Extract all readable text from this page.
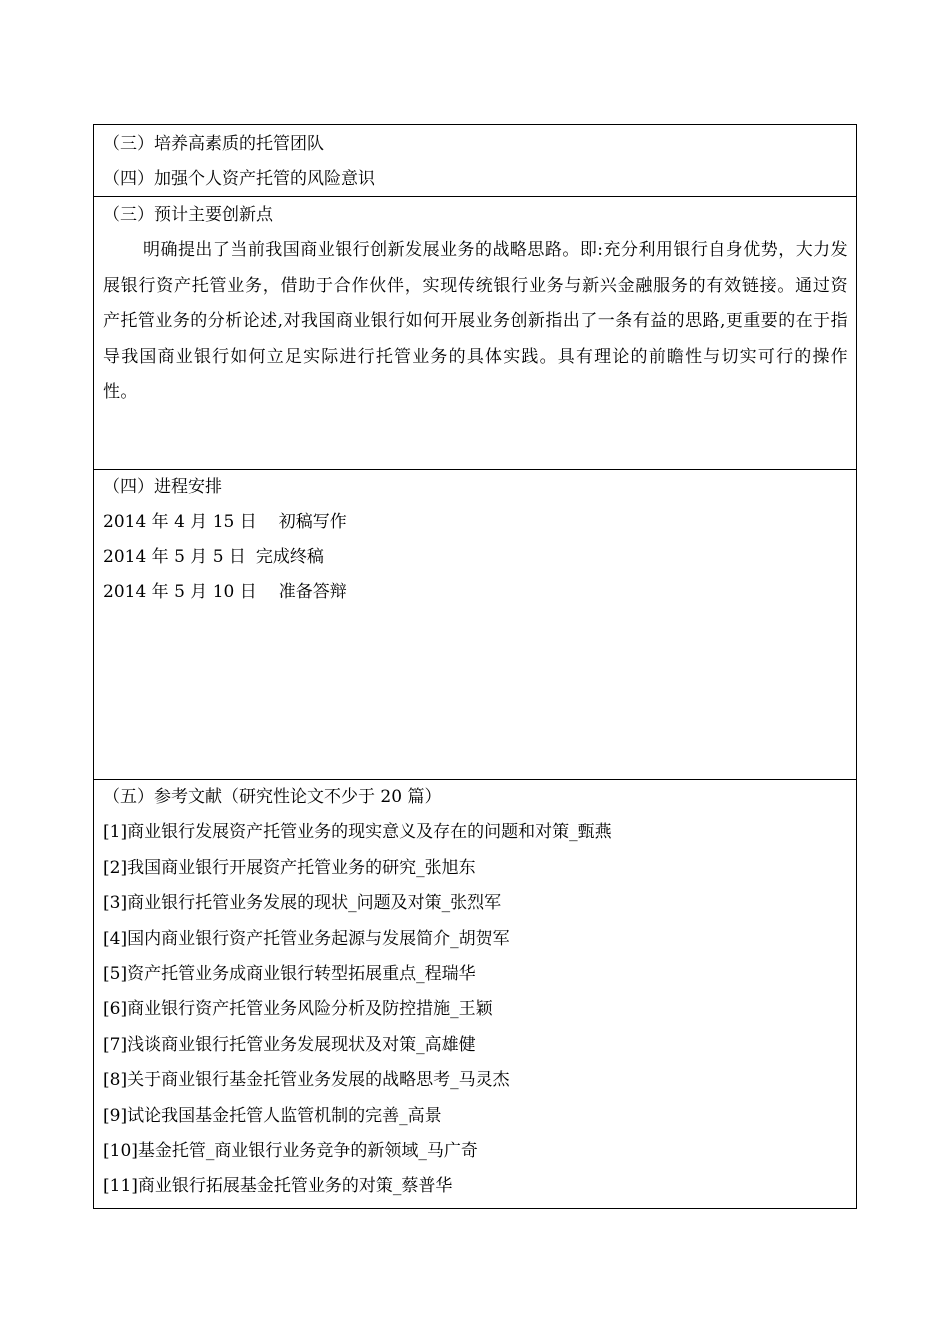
（三）培养高素质的托管团队
（四）加强个人资产托管的风险意识
（三）预计主要创新点
明确提出了当前我国商业银行创新发展业务的战略思路。即:充分利用银行自身优势，大力发展银行资产托管业务，借助于合作伙伴，实现传统银行业务与新兴金融服务的有效链接。通过资产托管业务的分析论述,对我国商业银行如何开展业务创新指出了一条有益的思路,更重要的在于指导我国商业银行如何立足实际进行托管业务的具体实践。具有理论的前瞻性与切实可行的操作性。
（四）进程安排
2014 年 4 月 15 日 初稿写作
2014 年 5 月 5 日 完成终稿
2014 年 5 月 10 日 准备答辩
（五）参考文献（研究性论文不少于 20 篇）
[1]商业银行发展资产托管业务的现实意义及存在的问题和对策_甄燕
[2]我国商业银行开展资产托管业务的研究_张旭东
[3]商业银行托管业务发展的现状_问题及对策_张烈军
[4]国内商业银行资产托管业务起源与发展简介_胡贺军
[5]资产托管业务成商业银行转型拓展重点_程瑞华
[6]商业银行资产托管业务风险分析及防控措施_王颖
[7]浅谈商业银行托管业务发展现状及对策_高雄健
[8]关于商业银行基金托管业务发展的战略思考_马灵杰
[9]试论我国基金托管人监管机制的完善_高景
[10]基金托管_商业银行业务竞争的新领域_马广奇
[11]商业银行拓展基金托管业务的对策_蔡普华
